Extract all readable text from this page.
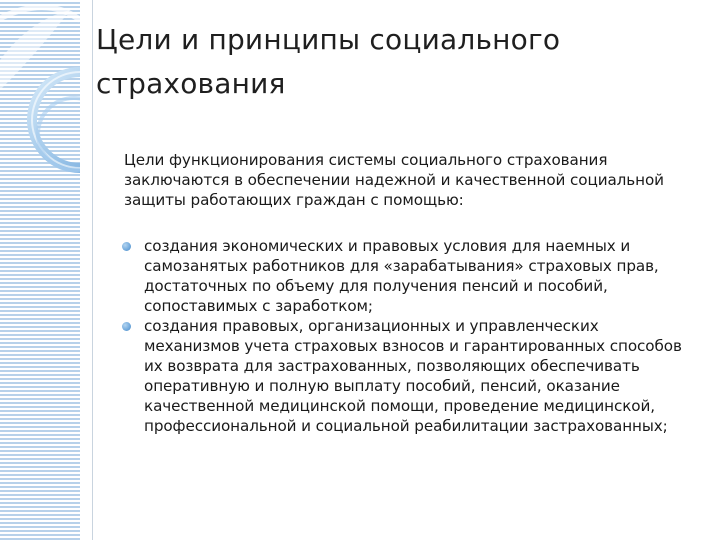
Цели и принципы социального страхования

Цели функционирования системы социального страхования заключаются в обеспечении надежной и качественной социальной защиты работающих граждан с помощью:

создания экономических и правовых условия для наемных и самозанятых работников для «зарабатывания» страховых прав, достаточных по объему для получения пенсий и пособий, сопоставимых с заработком;
создания правовых, организационных и управленческих механизмов учета страховых взносов и гарантированных способов их возврата для застрахованных, позволяющих обеспечивать оперативную и полную выплату пособий, пенсий, оказание качественной медицинской помощи, проведение медицинской, профессиональной и социальной реабилитации застрахованных;
